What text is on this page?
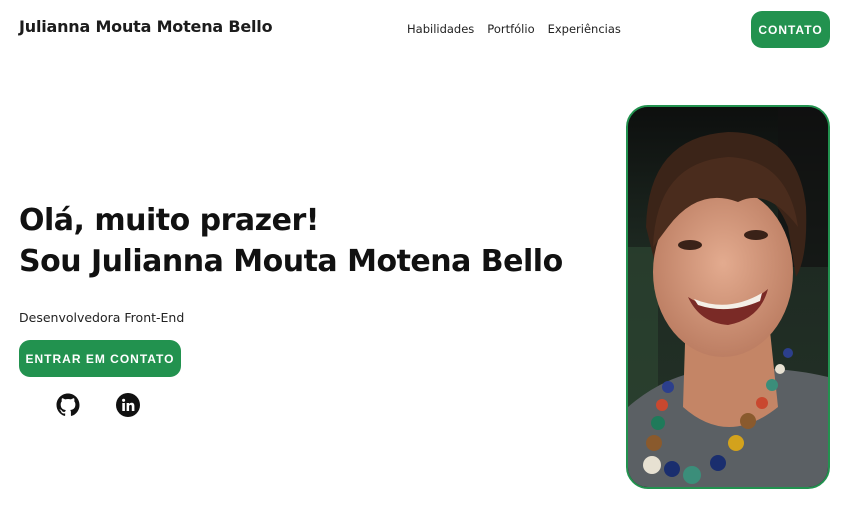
Julianna Mouta Motena Bello	Habilidades Portfólio Experiências	CONTATO
Olá, muito prazer!
Sou Julianna Mouta Motena Bello

Desenvolvedora Front-End

ENTRAR EM CONTATO
